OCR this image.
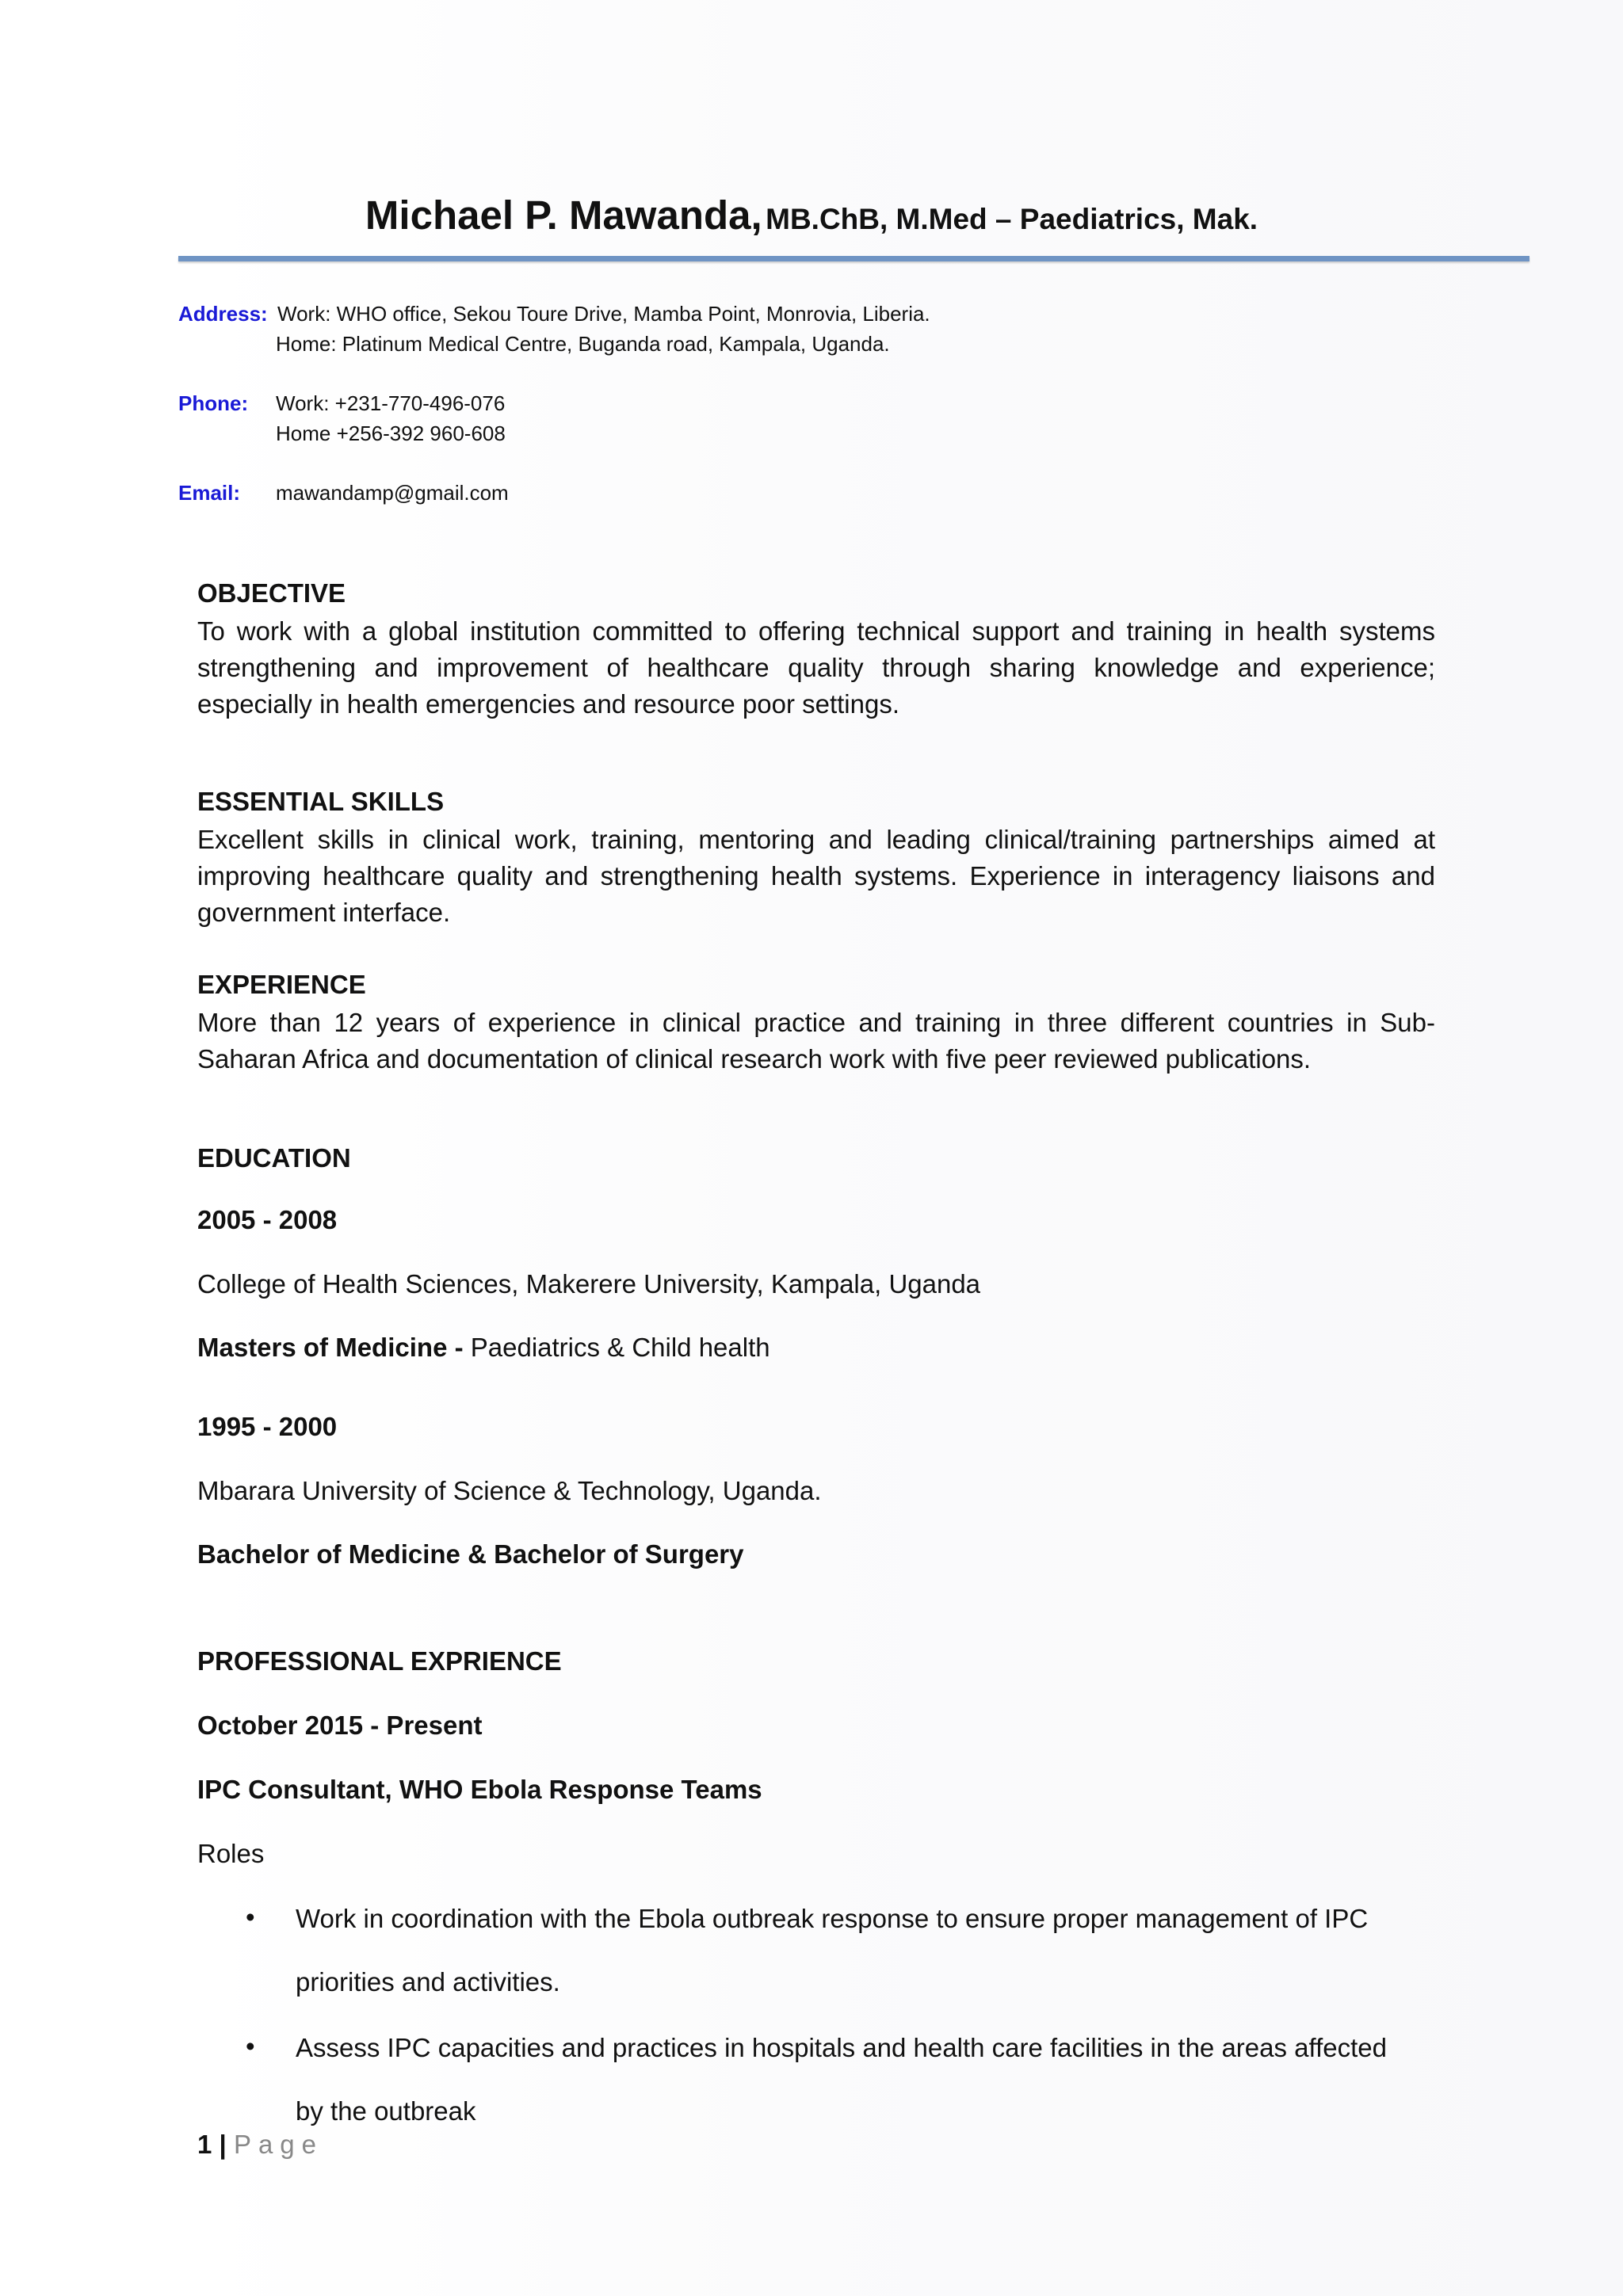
Michael P. Mawanda, MB.ChB, M.Med – Paediatrics, Mak.
Address: Work: WHO office, Sekou Toure Drive, Mamba Point, Monrovia, Liberia.
Home: Platinum Medical Centre, Buganda road, Kampala, Uganda.
Phone: Work: +231-770-496-076
Home +256-392 960-608
Email: mawandamp@gmail.com
OBJECTIVE
To work with a global institution committed to offering technical support and training in health systems strengthening and improvement of healthcare quality through sharing knowledge and experience; especially in health emergencies and resource poor settings.
ESSENTIAL SKILLS
Excellent skills in clinical work, training, mentoring and leading clinical/training partnerships aimed at improving healthcare quality and strengthening health systems. Experience in interagency liaisons and government interface.
EXPERIENCE
More than 12 years of experience in clinical practice and training in three different countries in Sub-Saharan Africa and documentation of clinical research work with five peer reviewed publications.
EDUCATION
2005 - 2008
College of Health Sciences, Makerere University, Kampala, Uganda
Masters of Medicine - Paediatrics & Child health
1995 - 2000
Mbarara University of Science & Technology, Uganda.
Bachelor of Medicine & Bachelor of Surgery
PROFESSIONAL EXPRIENCE
October 2015 - Present
IPC Consultant, WHO Ebola Response Teams
Roles
• Work in coordination with the Ebola outbreak response to ensure proper management of IPC
priorities and activities.
• Assess IPC capacities and practices in hospitals and health care facilities in the areas affected
by the outbreak
1 | Page
